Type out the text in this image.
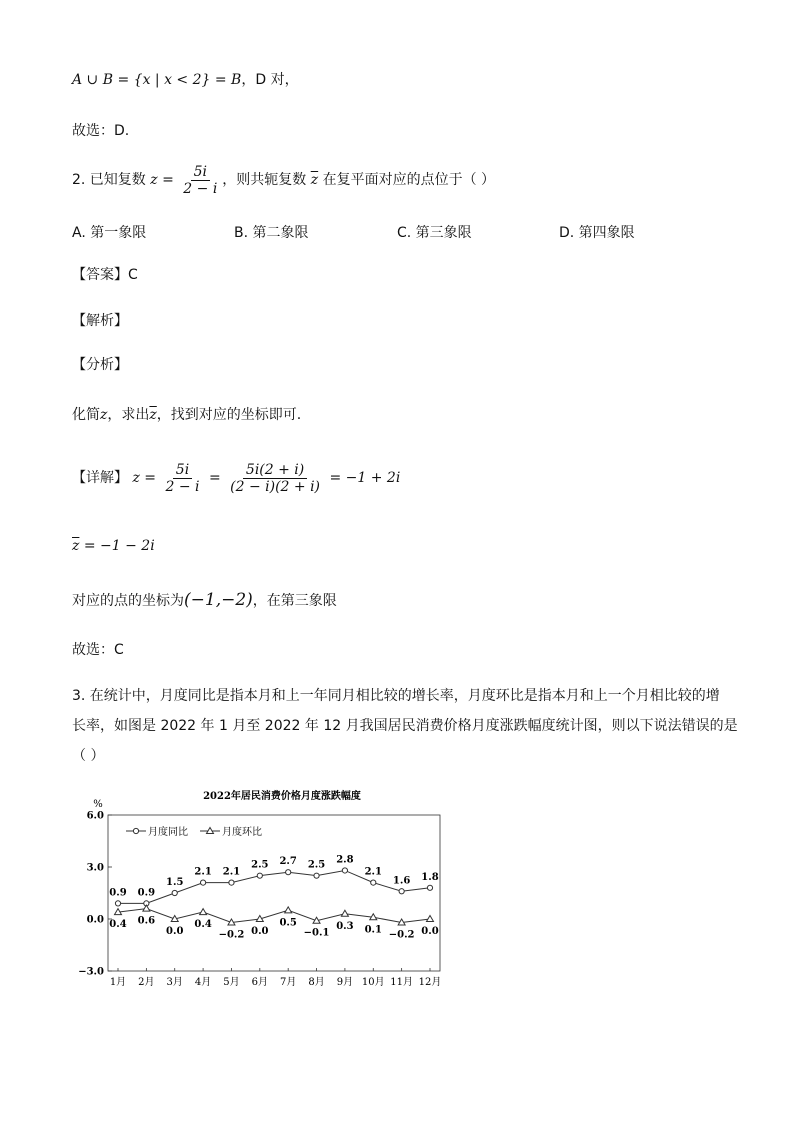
A ∪ B = {x | x < 2} = B，D 对，
故选：D.
2. 已知复数 $z = \frac{5i}{2 - i}$ ，则共轭复数 $\overline{z}$ 在复平面对应的点位于（ ）
A. 第一象限	B. 第二象限	C. 第三象限	D. 第四象限
【答案】C
【解析】
【分析】
化简z，求出$\overline{z}$，找到对应的坐标即可.
【详解】 $z = \frac{5i}{2 - i} = \frac{5i(2 + i)}{(2 - i)(2 + i)} = -1 + 2i$
$\overline{z} = -1 - 2i$
对应的点的坐标为(−1,−2)，在第三象限
故选：C
3. 在统计中，月度同比是指本月和上一年同月相比较的增长率，月度环比是指本月和上一个月相比较的增
长率，如图是 2022 年 1 月至 2022 年 12 月我国居民消费价格月度涨跌幅度统计图，则以下说法错误的是
（ ）
2022年居民消费价格月度涨跌幅度
%
6.0
3.0
0.0
−3.0
1月 2月 3月 4月 5月 6月 7月 8月 9月 10月 11月 12月
0.9 0.9
1.5
2.1 2.1
2.5 2.7 2.5 2.8
2.1
1.6 1.8
0.4 0.6
0.0
0.4
−0.2 0.0
0.5
−0.1
0.3 0.1 −0.2 0.0
月度同比	月度环比
